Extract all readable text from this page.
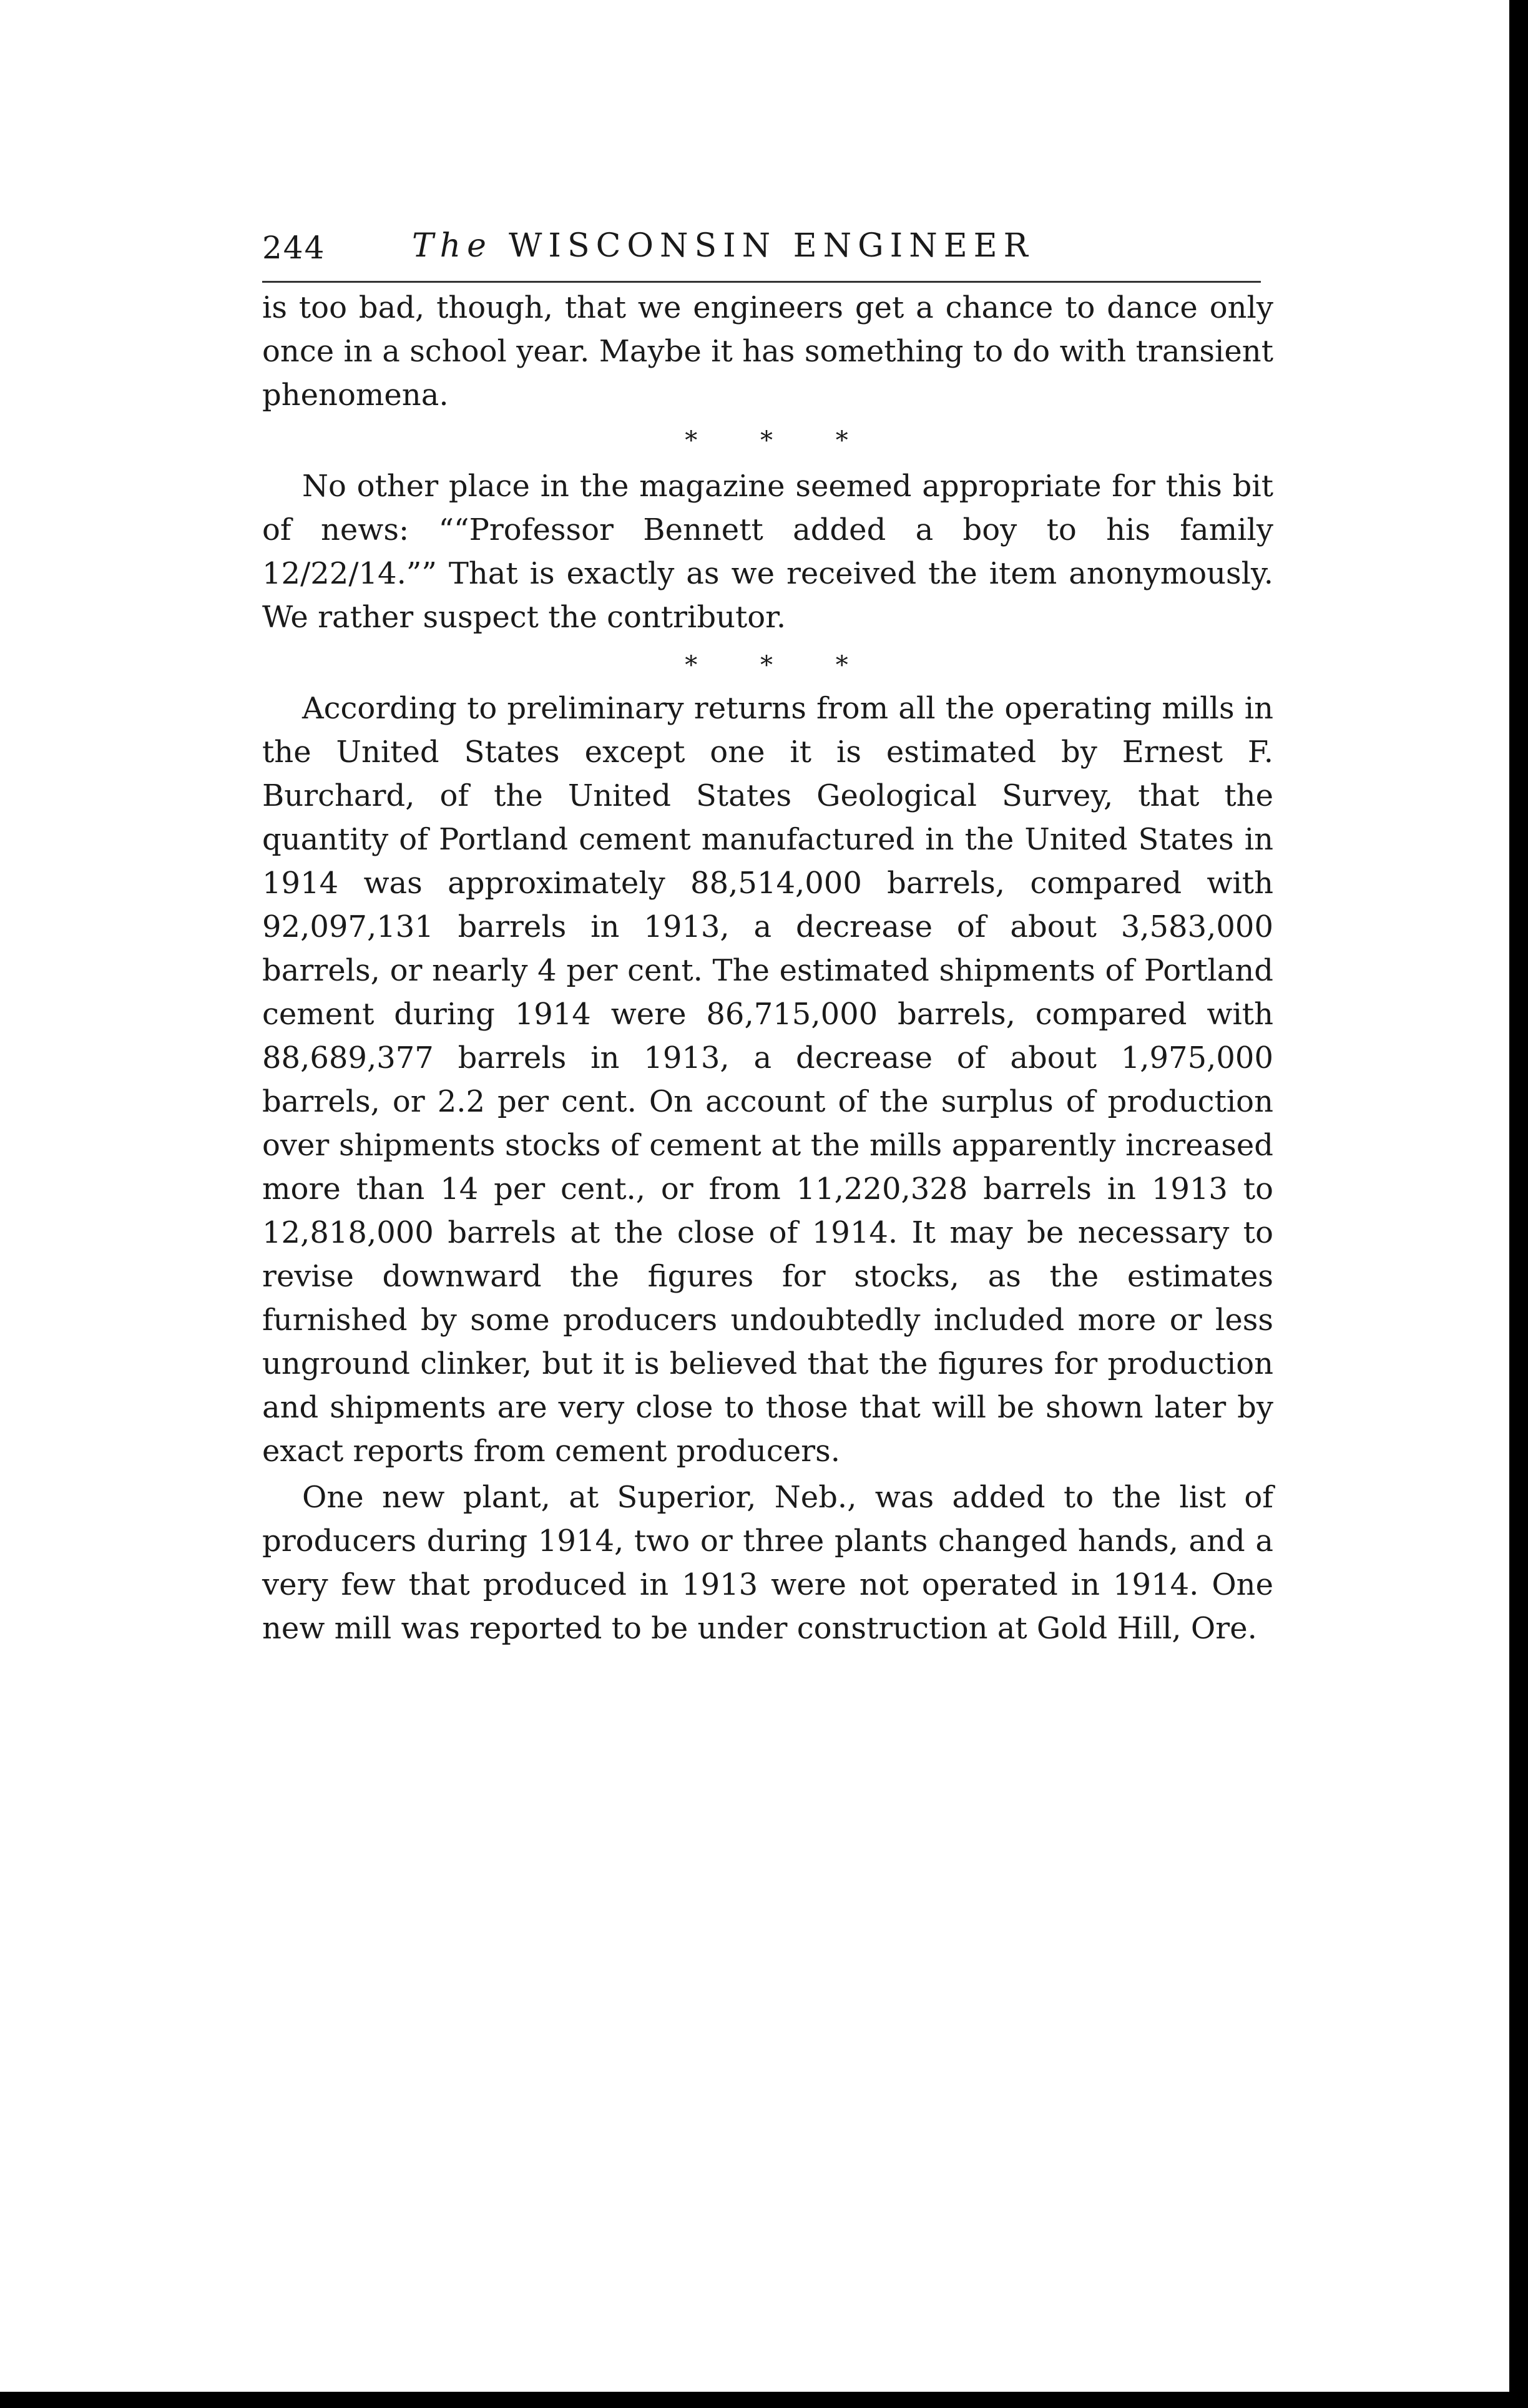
244	The WISCONSIN ENGINEER

is too bad, though, that we engineers get a chance to dance only once in a school year. Maybe it has something to do with transient phenomena.

* * *

No other place in the magazine seemed appropriate for this bit of news: ““Professor Bennett added a boy to his family 12/22/14.”” That is exactly as we received the item anonymously. We rather suspect the contributor.

* * *

According to preliminary returns from all the operating mills in the United States except one it is estimated by Ernest F. Burchard, of the United States Geological Survey, that the quantity of Portland cement manufactured in the United States in 1914 was approximately 88,514,000 barrels, compared with 92,097,131 barrels in 1913, a decrease of about 3,583,000 barrels, or nearly 4 per cent. The estimated shipments of Portland cement during 1914 were 86,715,000 barrels, compared with 88,689,377 barrels in 1913, a decrease of about 1,975,000 barrels, or 2.2 per cent. On account of the surplus of production over shipments stocks of cement at the mills apparently increased more than 14 per cent., or from 11,220,328 barrels in 1913 to 12,818,000 barrels at the close of 1914. It may be necessary to revise downward the figures for stocks, as the estimates furnished by some producers undoubtedly included more or less unground clinker, but it is believed that the figures for production and shipments are very close to those that will be shown later by exact reports from cement producers.

One new plant, at Superior, Neb., was added to the list of producers during 1914, two or three plants changed hands, and a very few that produced in 1913 were not operated in 1914. One new mill was reported to be under construction at Gold Hill, Ore.
